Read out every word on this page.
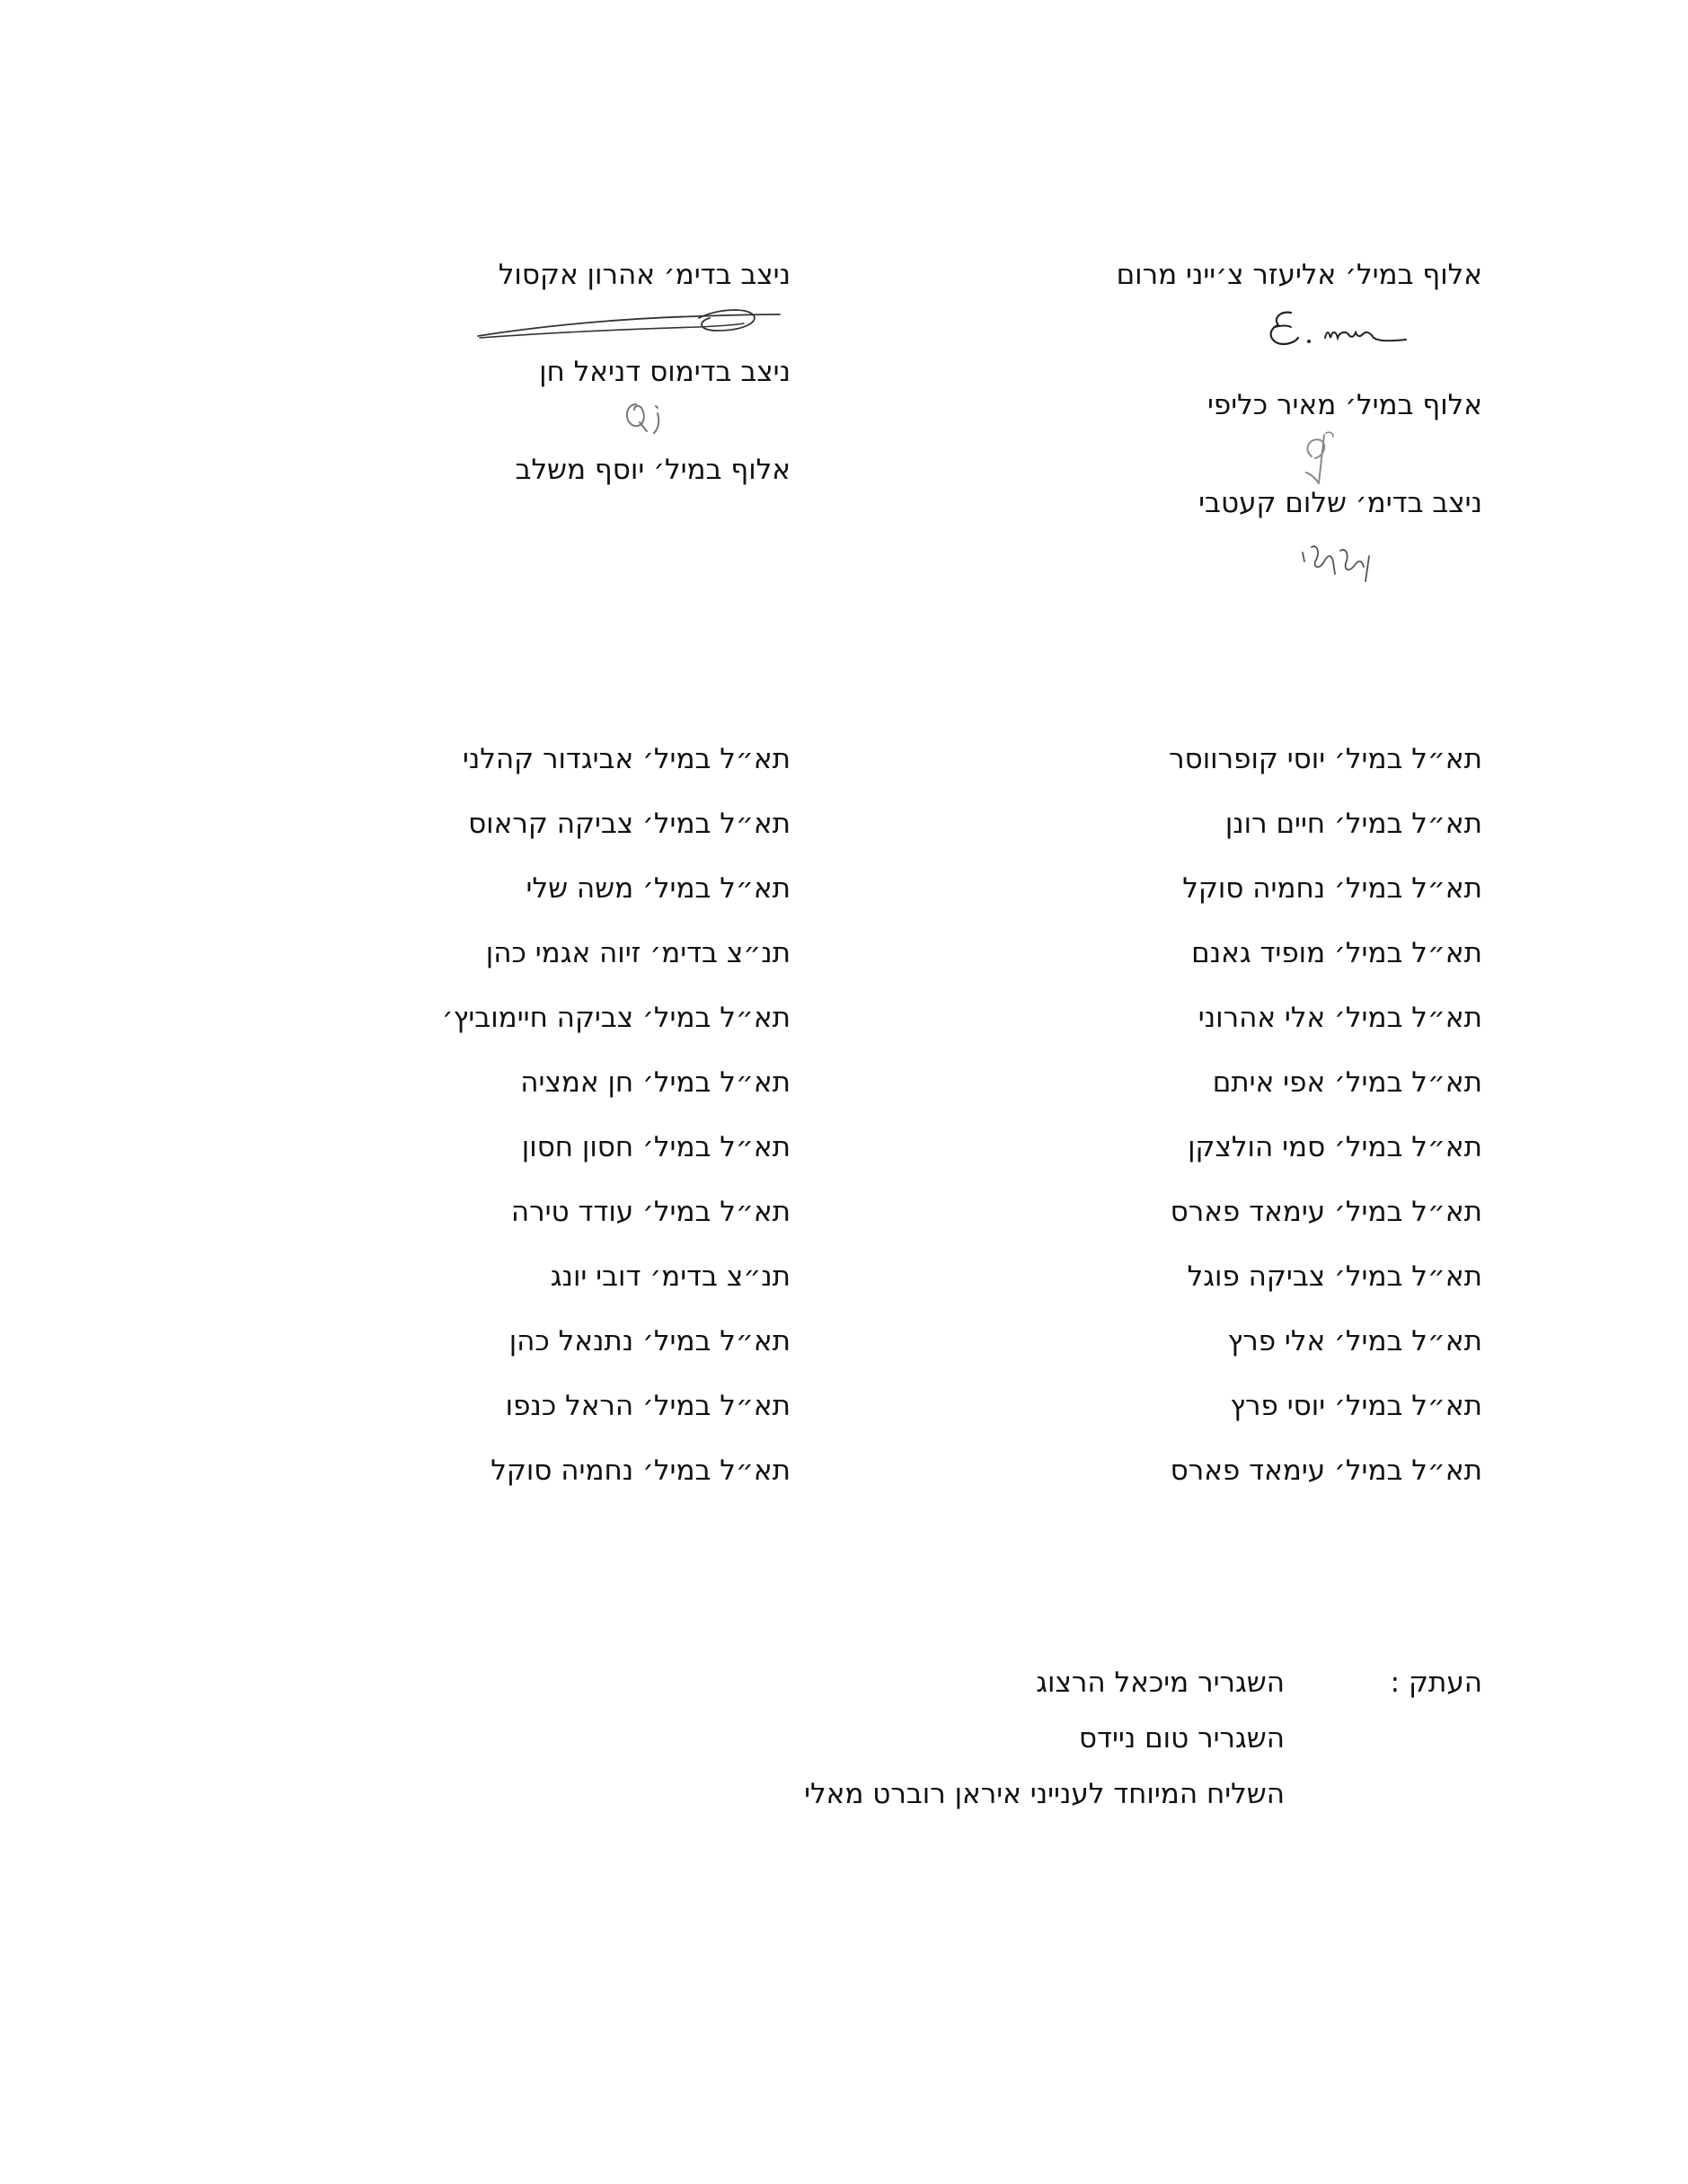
אלוף במיל׳ אליעזר צ׳ייני מרום
אלוף במיל׳ מאיר כליפי
ניצב בדימ׳ שלום קעטבי
ניצב בדימ׳ אהרון אקסול
ניצב בדימוס דניאל חן
אלוף במיל׳ יוסף משלב
תא״ל במיל׳ יוסי קופרווסר
תא״ל במיל׳ חיים רונן
תא״ל במיל׳ נחמיה סוקל
תא״ל במיל׳ מופיד גאנם
תא״ל במיל׳ אלי אהרוני
תא״ל במיל׳ אפי איתם
תא״ל במיל׳ סמי הולצקן
תא״ל במיל׳ עימאד פארס
תא״ל במיל׳ צביקה פוגל
תא״ל במיל׳ אלי פרץ
תא״ל במיל׳ יוסי פרץ
תא״ל במיל׳ עימאד פארס
תא״ל במיל׳ אביגדור קהלני
תא״ל במיל׳ צביקה קראוס
תא״ל במיל׳ משה שלי
תנ״צ בדימ׳ זיוה אגמי כהן
תא״ל במיל׳ צביקה חיימוביץ׳
תא״ל במיל׳ חן אמציה
תא״ל במיל׳ חסון חסון
תא״ל במיל׳ עודד טירה
תנ״צ בדימ׳ דובי יונג
תא״ל במיל׳ נתנאל כהן
תא״ל במיל׳ הראל כנפו
תא״ל במיל׳ נחמיה סוקל
העתק :
השגריר מיכאל הרצוג
השגריר טום ניידס
השליח המיוחד לענייני איראן רוברט מאלי
